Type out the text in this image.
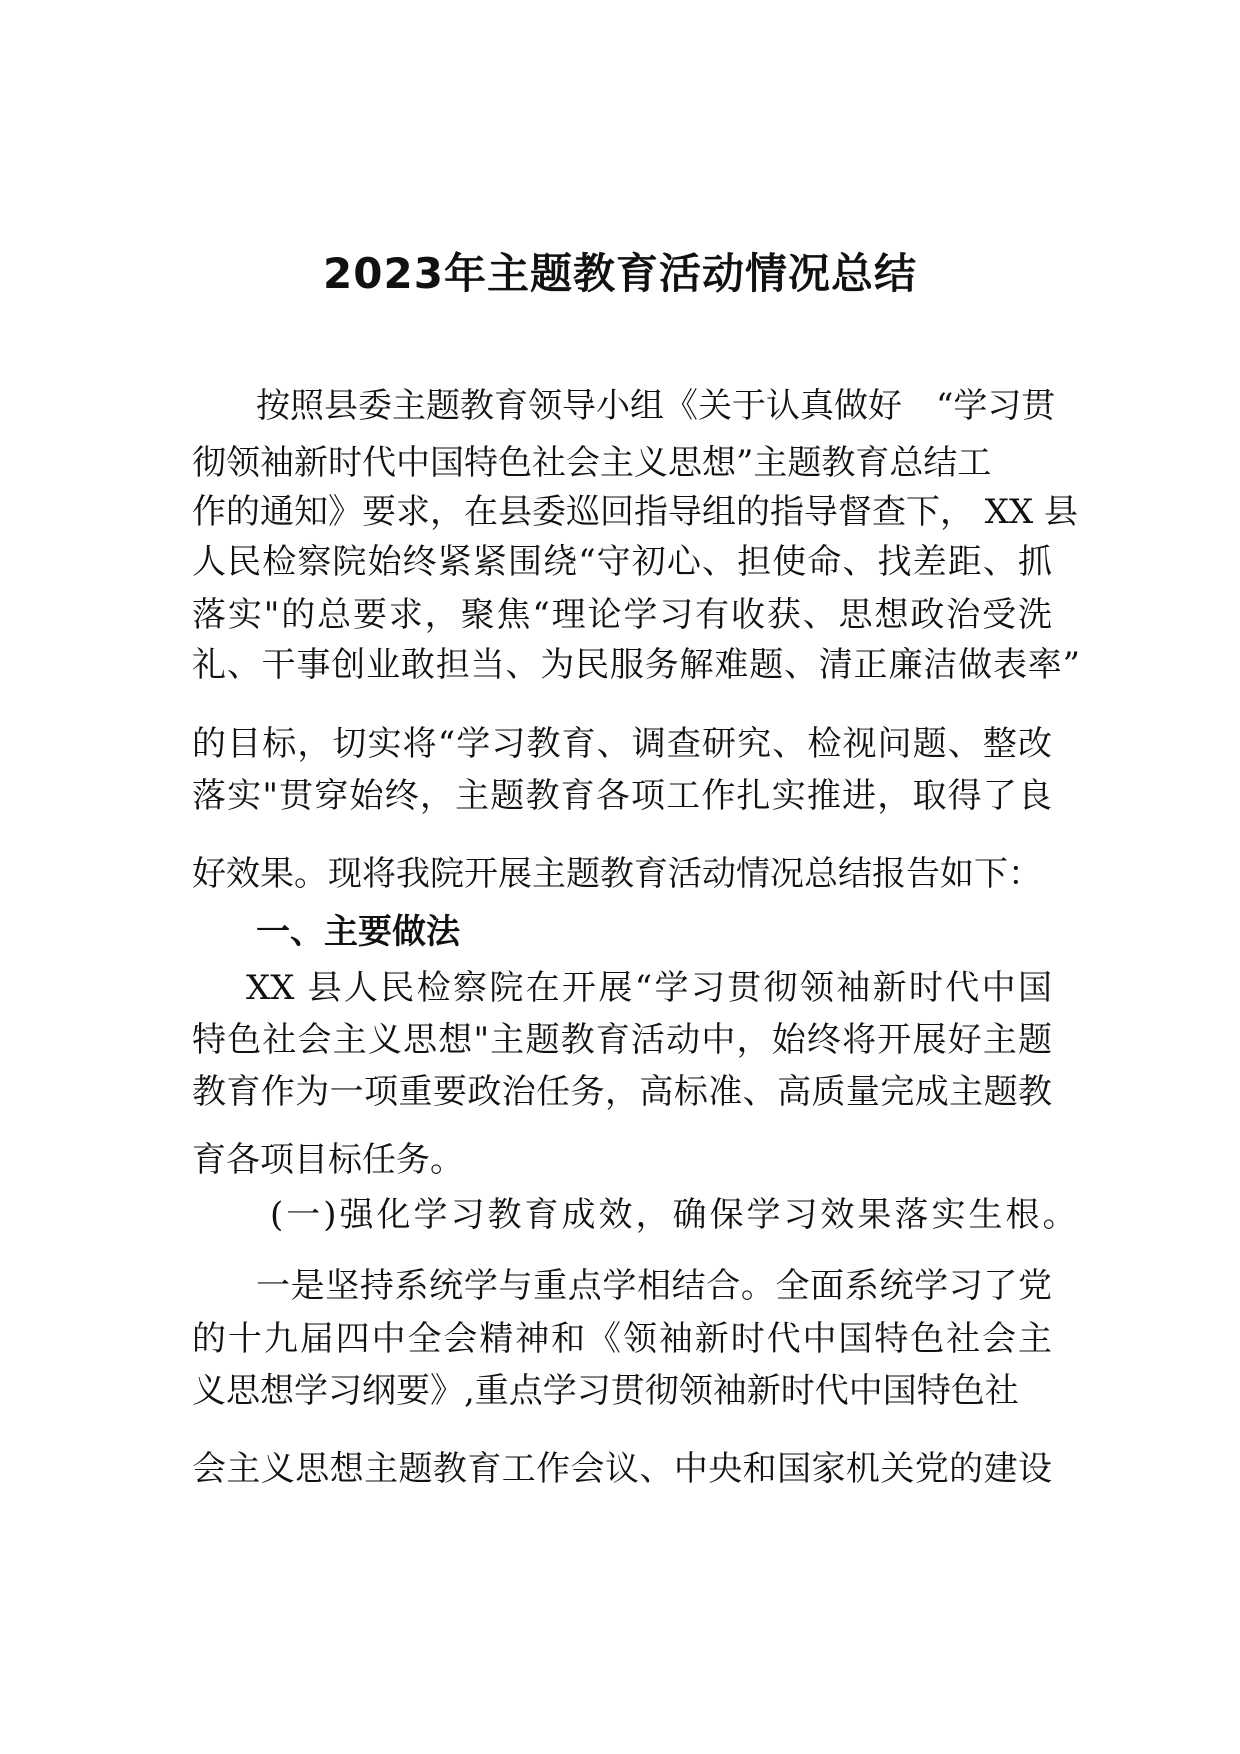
2023年主题教育活动情况总结
按照县委主题教育领导小组《关于认真做好　“学习贯
彻领袖新时代中国特色社会主义思想”主题教育总结工
作的通知》要求，在县委巡回指导组的指导督查下， XX 县
人民检察院始终紧紧围绕“守初心、担使命、找差距、抓
落实"的总要求，聚焦“理论学习有收获、思想政治受洗
礼、干事创业敢担当、为民服务解难题、清正廉洁做表率”
的目标，切实将“学习教育、调查研究、检视问题、整改
落实"贯穿始终，主题教育各项工作扎实推进，取得了良
好效果。现将我院开展主题教育活动情况总结报告如下：
一、主要做法
XX 县人民检察院在开展“学习贯彻领袖新时代中国
特色社会主义思想"主题教育活动中，始终将开展好主题
教育作为一项重要政治任务，高标准、高质量完成主题教
育各项目标任务。
(一)强化学习教育成效，确保学习效果落实生根。
一是坚持系统学与重点学相结合。全面系统学习了党
的十九届四中全会精神和《领袖新时代中国特色社会主
义思想学习纲要》,重点学习贯彻领袖新时代中国特色社
会主义思想主题教育工作会议、中央和国家机关党的建设
